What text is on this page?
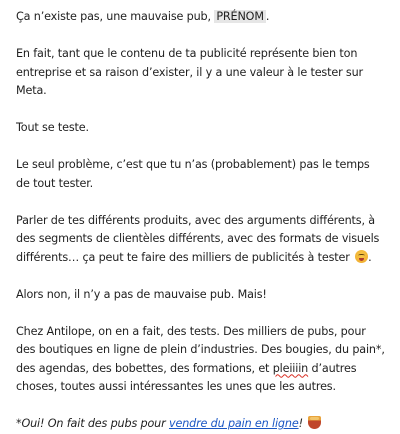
Ça n’existe pas, une mauvaise pub, PRÉNOM .

En fait, tant que le contenu de ta publicité représente bien ton entreprise et sa raison d’exister, il y a une valeur à le tester sur Meta.

Tout se teste.

Le seul problème, c’est que tu n’as (probablement) pas le temps de tout tester.

Parler de tes différents produits, avec des arguments différents, à des segments de clientèles différents, avec des formats de visuels différents… ça peut te faire des milliers de publicités à tester .

Alors non, il n’y a pas de mauvaise pub. Mais!

Chez Antilope, on en a fait, des tests. Des milliers de pubs, pour des boutiques en ligne de plein d’industries. Des bougies, du pain*, des agendas, des bobettes, des formations, et pleiiiin d’autres choses, toutes aussi intéressantes les unes que les autres.

*Oui! On fait des pubs pour vendre du pain en ligne!
